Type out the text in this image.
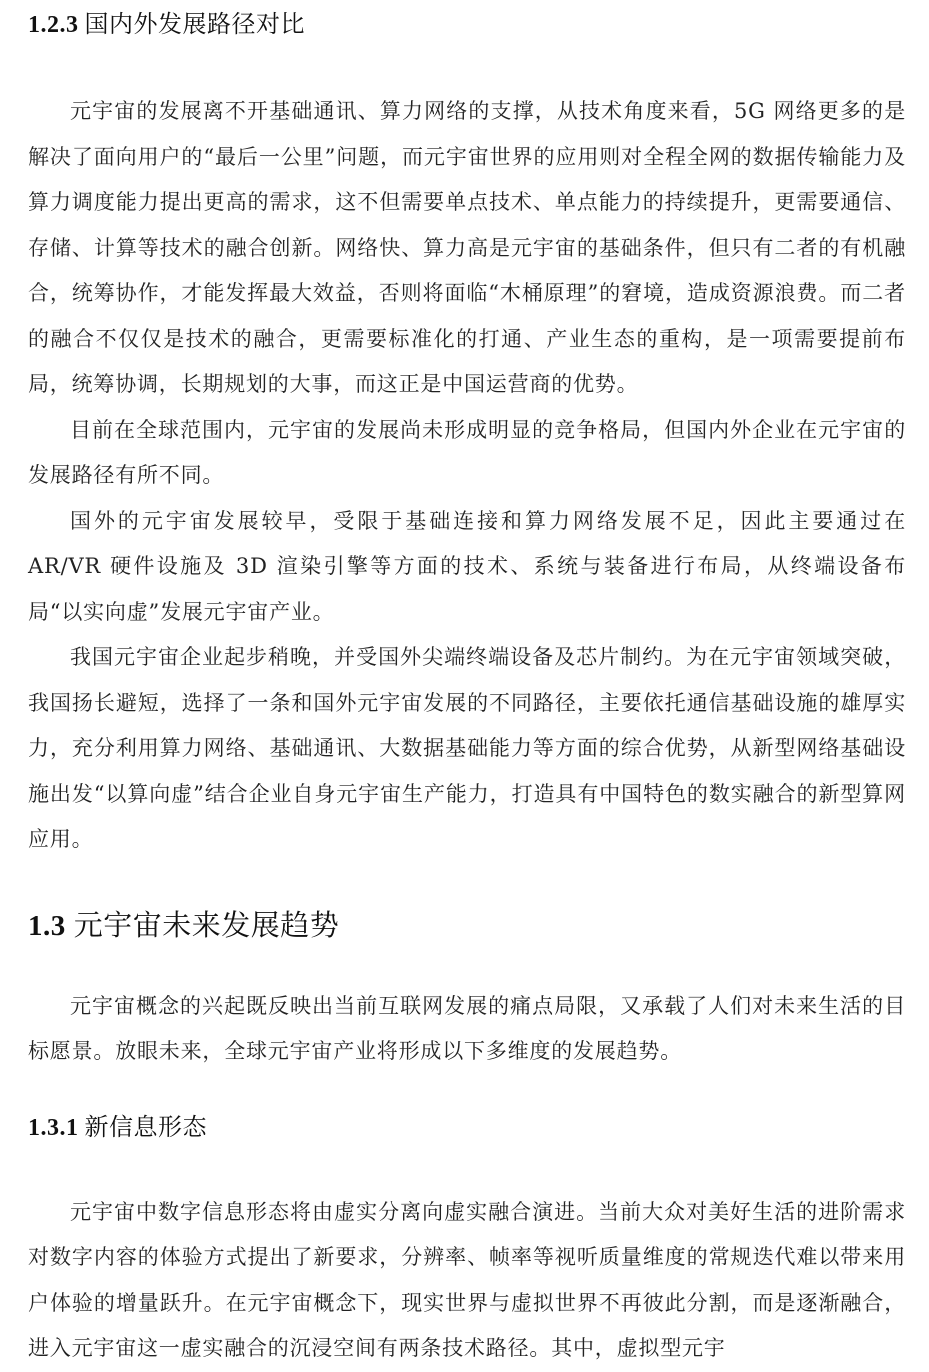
1.2.3 国内外发展路径对比

元宇宙的发展离不开基础通讯、算力网络的支撑，从技术角度来看，5G 网络更多的是解决了面向用户的“最后一公里”问题，而元宇宙世界的应用则对全程全网的数据传输能力及算力调度能力提出更高的需求，这不但需要单点技术、单点能力的持续提升，更需要通信、存储、计算等技术的融合创新。网络快、算力高是元宇宙的基础条件，但只有二者的有机融合，统筹协作，才能发挥最大效益，否则将面临“木桶原理”的窘境，造成资源浪费。而二者的融合不仅仅是技术的融合，更需要标准化的打通、产业生态的重构，是一项需要提前布局，统筹协调，长期规划的大事，而这正是中国运营商的优势。

目前在全球范围内，元宇宙的发展尚未形成明显的竞争格局，但国内外企业在元宇宙的发展路径有所不同。

国外的元宇宙发展较早，受限于基础连接和算力网络发展不足，因此主要通过在 AR/VR 硬件设施及 3D 渲染引擎等方面的技术、系统与装备进行布局，从终端设备布局“以实向虚”发展元宇宙产业。

我国元宇宙企业起步稍晚，并受国外尖端终端设备及芯片制约。为在元宇宙领域突破，我国扬长避短，选择了一条和国外元宇宙发展的不同路径，主要依托通信基础设施的雄厚实力，充分利用算力网络、基础通讯、大数据基础能力等方面的综合优势，从新型网络基础设施出发“以算向虚”结合企业自身元宇宙生产能力，打造具有中国特色的数实融合的新型算网应用。

1.3 元宇宙未来发展趋势

元宇宙概念的兴起既反映出当前互联网发展的痛点局限，又承载了人们对未来生活的目标愿景。放眼未来，全球元宇宙产业将形成以下多维度的发展趋势。

1.3.1 新信息形态

元宇宙中数字信息形态将由虚实分离向虚实融合演进。当前大众对美好生活的进阶需求对数字内容的体验方式提出了新要求，分辨率、帧率等视听质量维度的常规迭代难以带来用户体验的增量跃升。在元宇宙概念下，现实世界与虚拟世界不再彼此分割，而是逐渐融合，进入元宇宙这一虚实融合的沉浸空间有两条技术路径。其中，虚拟型元宇
